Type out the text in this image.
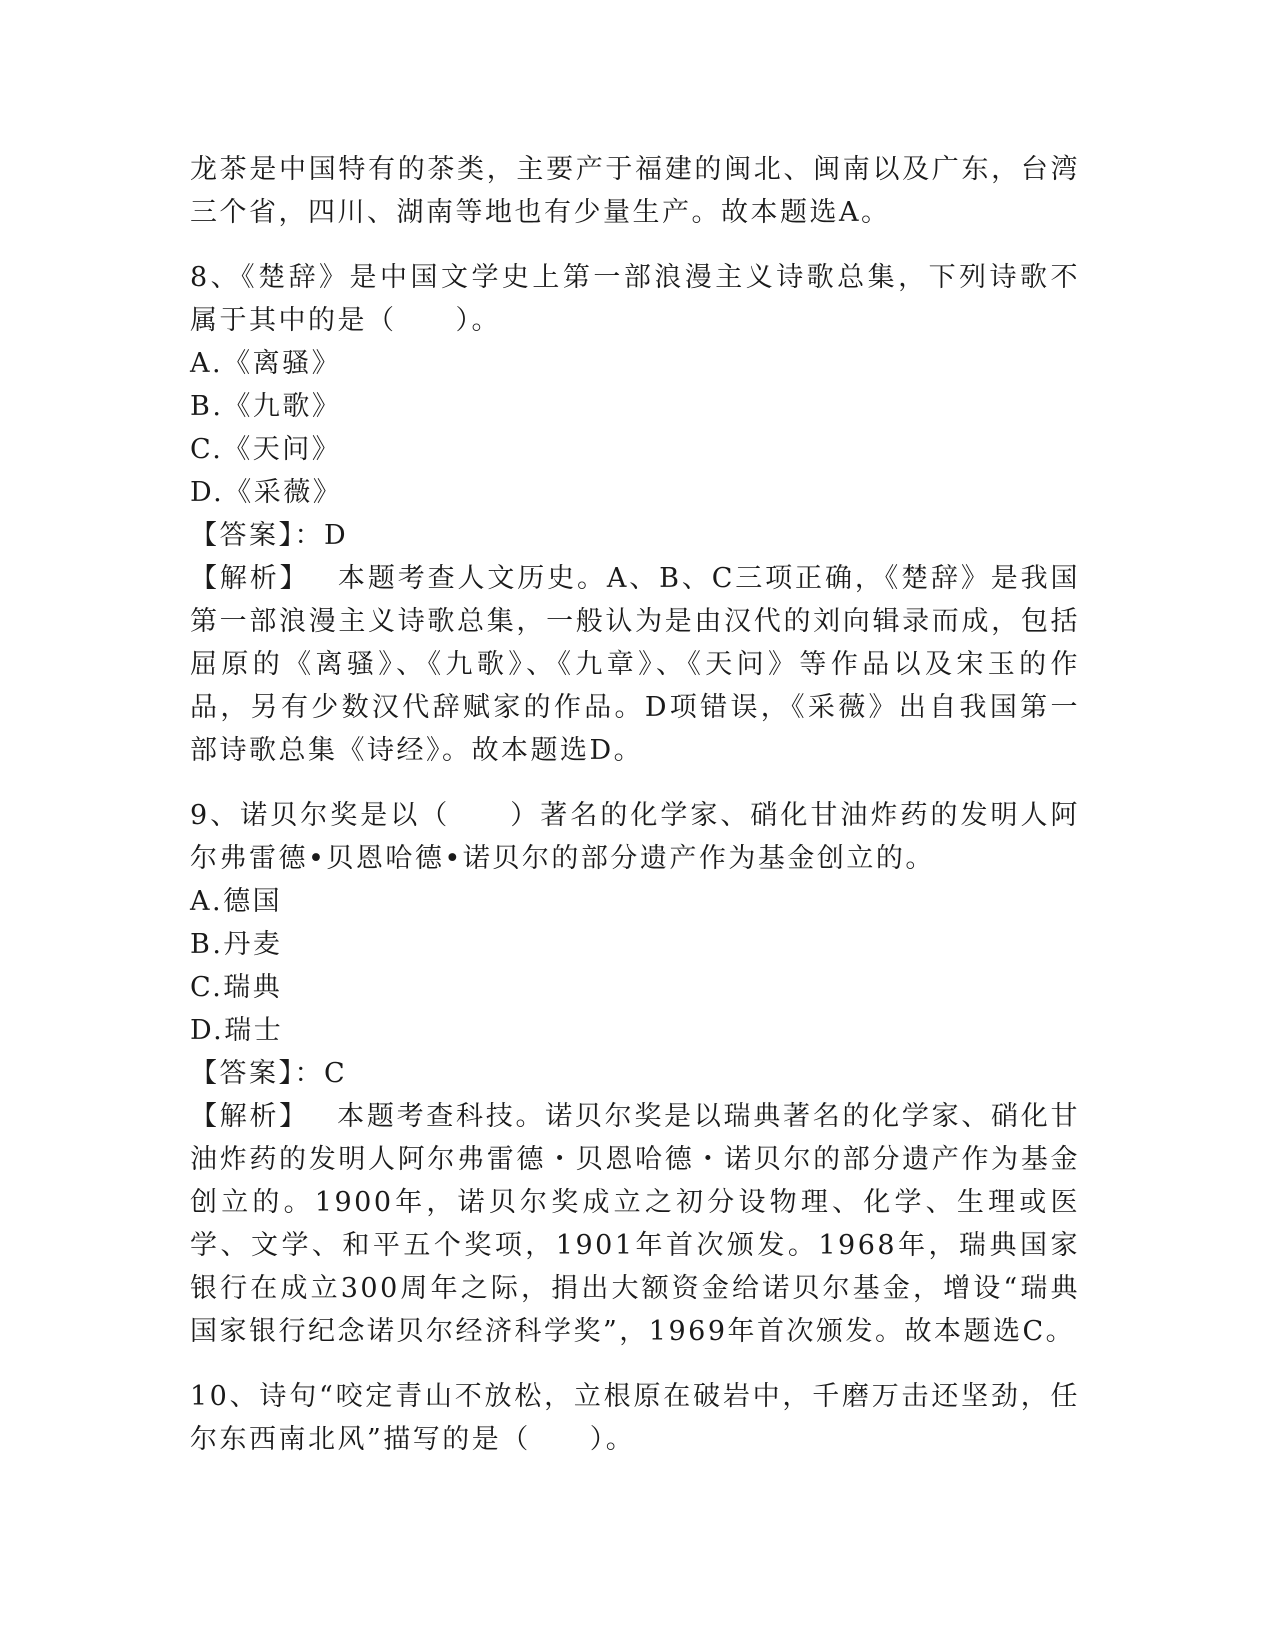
龙茶是中国特有的茶类，主要产于福建的闽北、闽南以及广东，台湾三个省，四川、湖南等地也有少量生产。故本题选A。

8、《楚辞》是中国文学史上第一部浪漫主义诗歌总集，下列诗歌不属于其中的是（　　）。

A.《离骚》

B.《九歌》

C.《天问》

D.《采薇》

【答案】：D

【解析】 本题考查人文历史。A、B、C三项正确，《楚辞》是我国第一部浪漫主义诗歌总集，一般认为是由汉代的刘向辑录而成，包括屈原的《离骚》、《九歌》、《九章》、《天问》等作品以及宋玉的作品，另有少数汉代辞赋家的作品。D项错误，《采薇》出自我国第一部诗歌总集《诗经》。故本题选D。

9、诺贝尔奖是以（　　）著名的化学家、硝化甘油炸药的发明人阿尔弗雷德•贝恩哈德•诺贝尔的部分遗产作为基金创立的。

A.德国

B.丹麦

C.瑞典

D.瑞士

【答案】：C

【解析】 本题考查科技。诺贝尔奖是以瑞典著名的化学家、硝化甘油炸药的发明人阿尔弗雷德・贝恩哈德・诺贝尔的部分遗产作为基金创立的。1900年，诺贝尔奖成立之初分设物理、化学、生理或医学、文学、和平五个奖项，1901年首次颁发。1968年，瑞典国家银行在成立300周年之际，捐出大额资金给诺贝尔基金，增设“瑞典国家银行纪念诺贝尔经济科学奖”，1969年首次颁发。故本题选C。

10、诗句“咬定青山不放松，立根原在破岩中，千磨万击还坚劲，任尔东西南北风”描写的是（　　）。
